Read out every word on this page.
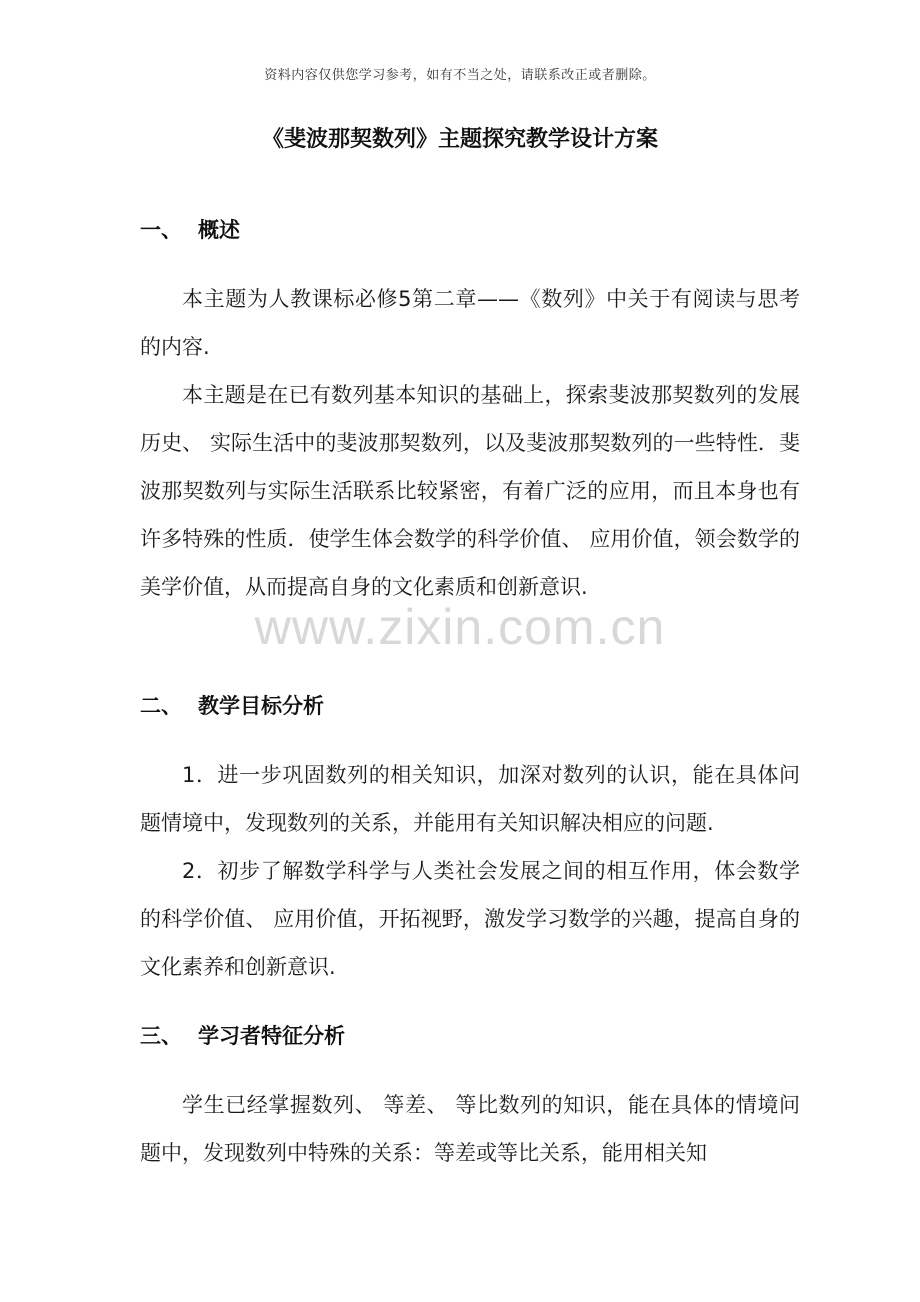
资料内容仅供您学习参考，如有不当之处，请联系改正或者删除。
《斐波那契数列》主题探究教学设计方案
一、 概述

本主题为人教课标必修5第二章——《数列》中关于有阅读与思考的内容.

本主题是在已有数列基本知识的基础上，探索斐波那契数列的发展历史、 实际生活中的斐波那契数列，以及斐波那契数列的一些特性．斐波那契数列与实际生活联系比较紧密，有着广泛的应用，而且本身也有许多特殊的性质．使学生体会数学的科学价值、 应用价值，领会数学的美学价值，从而提高自身的文化素质和创新意识.

二、 教学目标分析

1．进一步巩固数列的相关知识，加深对数列的认识，能在具体问题情境中，发现数列的关系，并能用有关知识解决相应的问题.

2．初步了解数学科学与人类社会发展之间的相互作用，体会数学的科学价值、 应用价值，开拓视野，激发学习数学的兴趣，提高自身的文化素养和创新意识.

三、 学习者特征分析

学生已经掌握数列、 等差、 等比数列的知识，能在具体的情境问题中，发现数列中特殊的关系：等差或等比关系，能用相关知

www.zixin.com.cn
